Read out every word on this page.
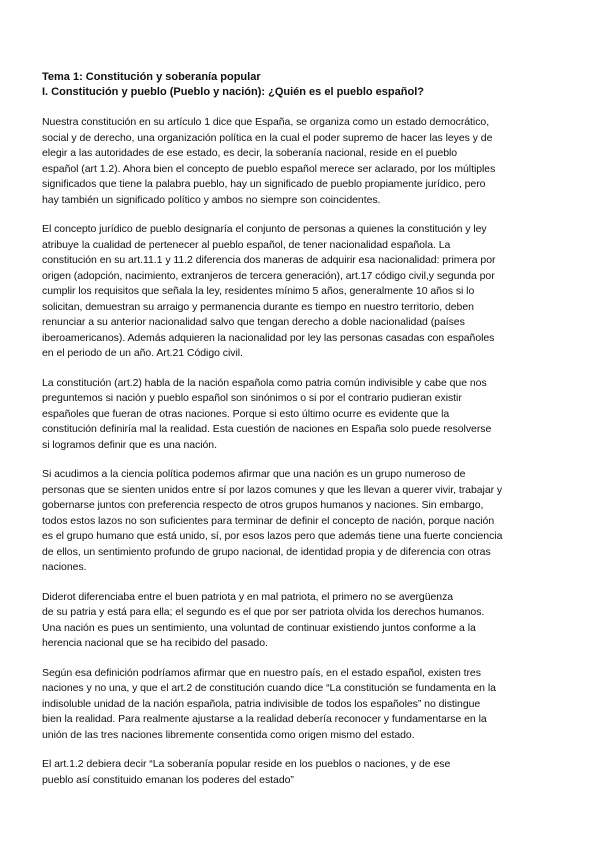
Tema 1: Constitución y soberanía popular

I. Constitución y pueblo (Pueblo y nación): ¿Quién es el pueblo español?

Nuestra constitución en su artículo 1 dice que España, se organiza como un estado democrático,
social y de derecho, una organización política en la cual el poder supremo de hacer las leyes y de
elegir a las autoridades de ese estado, es decir, la soberanía nacional, reside en el pueblo
español (art 1.2). Ahora bien el concepto de pueblo español merece ser aclarado, por los múltiples
significados que tiene la palabra pueblo, hay un significado de pueblo propiamente jurídico, pero
hay también un significado político y ambos no siempre son coincidentes.

El concepto jurídico de pueblo designaría el conjunto de personas a quienes la constitución y ley
atribuye la cualidad de pertenecer al pueblo español, de tener nacionalidad española. La
constitución en su art.11.1 y 11.2 diferencia dos maneras de adquirir esa nacionalidad: primera por
origen (adopción, nacimiento, extranjeros de tercera generación), art.17 código civil,y segunda por
cumplir los requisitos que señala la ley, residentes mínimo 5 años, generalmente 10 años si lo
solicitan, demuestran su arraigo y permanencia durante es tiempo en nuestro territorio, deben
renunciar a su anterior nacionalidad salvo que tengan derecho a doble nacionalidad (países
iberoamericanos). Además adquieren la nacionalidad por ley las personas casadas con españoles
en el periodo de un año. Art.21 Código civil.

La constitución (art.2) habla de la nación española como patria común indivisible y cabe que nos
preguntemos si nación y pueblo español son sinónimos o si por el contrario pudieran existir
españoles que fueran de otras naciones. Porque si esto último ocurre es evidente que la
constitución definiría mal la realidad. Esta cuestión de naciones en España solo puede resolverse
si logramos definir que es una nación.

Si acudimos a la ciencia política podemos afirmar que una nación es un grupo numeroso de
personas que se sienten unidos entre sí por lazos comunes y que les llevan a querer vivir, trabajar y
gobernarse juntos con preferencia respecto de otros grupos humanos y naciones. Sin embargo,
todos estos lazos no son suficientes para terminar de definir el concepto de nación, porque nación
es el grupo humano que está unido, sí, por esos lazos pero que además tiene una fuerte conciencia
de ellos, un sentimiento profundo de grupo nacional, de identidad propia y de diferencia con otras
naciones.

Diderot diferenciaba entre el buen patriota y en mal patriota, el primero no se avergüenza
de su patria y está para ella; el segundo es el que por ser patriota olvida los derechos humanos.
Una nación es pues un sentimiento, una voluntad de continuar existiendo juntos conforme a la
herencia nacional que se ha recibido del pasado.

Según esa definición podríamos afirmar que en nuestro país, en el estado español, existen tres
naciones y no una, y que el art.2 de constitución cuando dice “La constitución se fundamenta en la
indisoluble unidad de la nación española, patria indivisible de todos los españoles” no distingue
bien la realidad. Para realmente ajustarse a la realidad debería reconocer y fundamentarse en la
unión de las tres naciones libremente consentida como origen mismo del estado.

El art.1.2 debiera decir “La soberanía popular reside en los pueblos o naciones, y de ese
pueblo así constituido emanan los poderes del estado”
